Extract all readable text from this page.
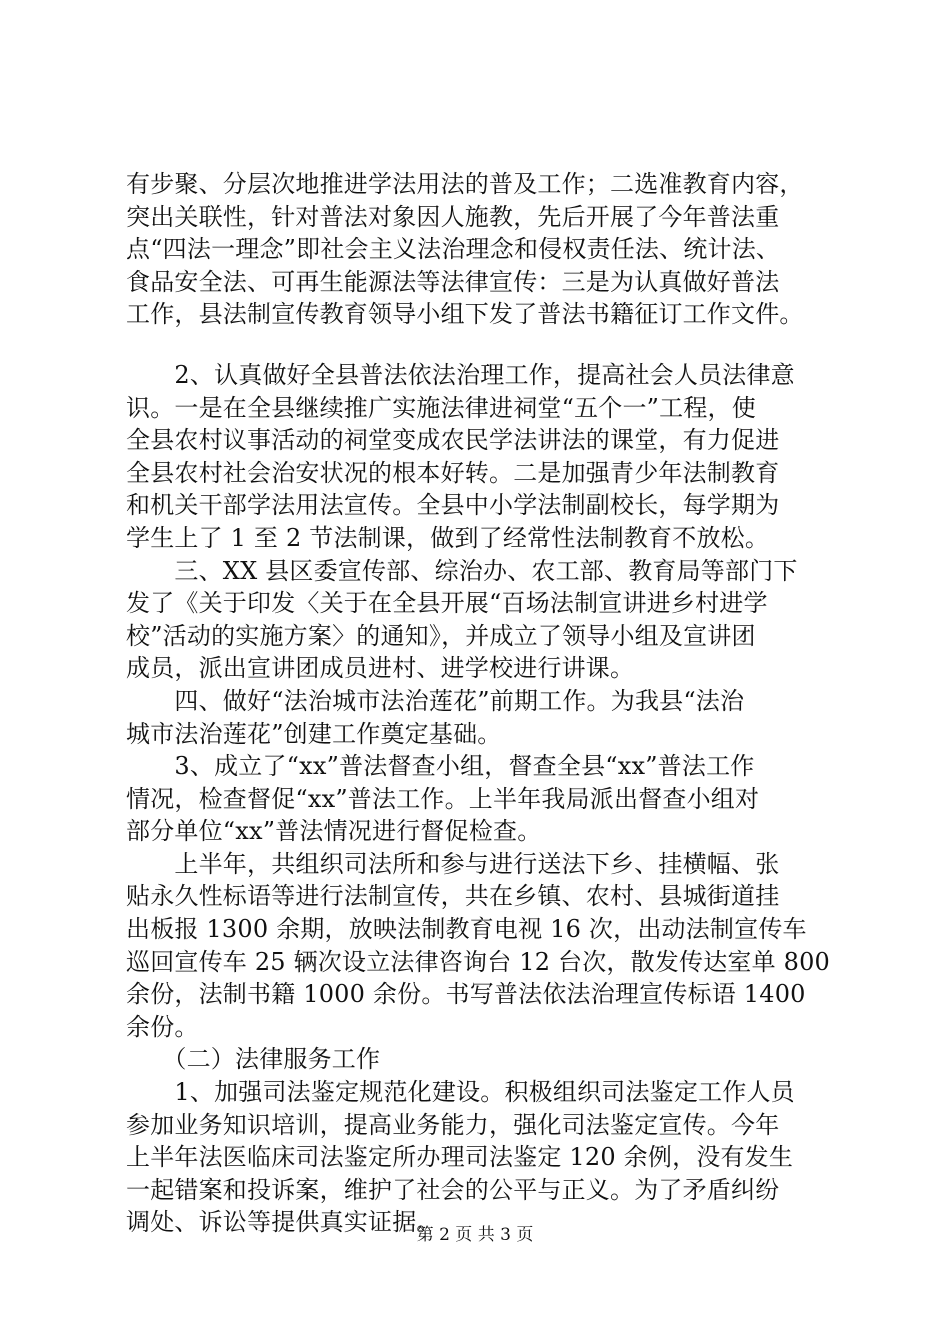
有步聚、分层次地推进学法用法的普及工作；二选准教育内容，
突出关联性，针对普法对象因人施教，先后开展了今年普法重
点“四法一理念”即社会主义法治理念和侵权责任法、统计法、
食品安全法、可再生能源法等法律宣传：三是为认真做好普法
工作，县法制宣传教育领导小组下发了普法书籍征订工作文件。
　　2、认真做好全县普法依法治理工作，提高社会人员法律意
识。一是在全县继续推广实施法律进祠堂“五个一”工程，使
全县农村议事活动的祠堂变成农民学法讲法的课堂，有力促进
全县农村社会治安状况的根本好转。二是加强青少年法制教育
和机关干部学法用法宣传。全县中小学法制副校长，每学期为
学生上了 1 至 2 节法制课，做到了经常性法制教育不放松。
　　三、XX 县区委宣传部、综治办、农工部、教育局等部门下
发了《关于印发〈关于在全县开展“百场法制宣讲进乡村进学
校”活动的实施方案〉的通知》，并成立了领导小组及宣讲团
成员，派出宣讲团成员进村、进学校进行讲课。
　　四、做好“法治城市法治莲花”前期工作。为我县“法治
城市法治莲花”创建工作奠定基础。
　　3、成立了“xx”普法督查小组，督查全县“xx”普法工作
情况，检查督促“xx”普法工作。上半年我局派出督查小组对
部分单位“xx”普法情况进行督促检查。
　　上半年，共组织司法所和参与进行送法下乡、挂横幅、张
贴永久性标语等进行法制宣传，共在乡镇、农村、县城街道挂
出板报 1300 余期，放映法制教育电视 16 次，出动法制宣传车
巡回宣传车 25 辆次设立法律咨询台 12 台次，散发传达室单 800
余份，法制书籍 1000 余份。书写普法依法治理宣传标语 1400
余份。
　　（二）法律服务工作
　　1、加强司法鉴定规范化建设。积极组织司法鉴定工作人员
参加业务知识培训，提高业务能力，强化司法鉴定宣传。今年
上半年法医临床司法鉴定所办理司法鉴定 120 余例，没有发生
一起错案和投诉案，维护了社会的公平与正义。为了矛盾纠纷
调处、诉讼等提供真实证据。
第 2 页 共 3 页
